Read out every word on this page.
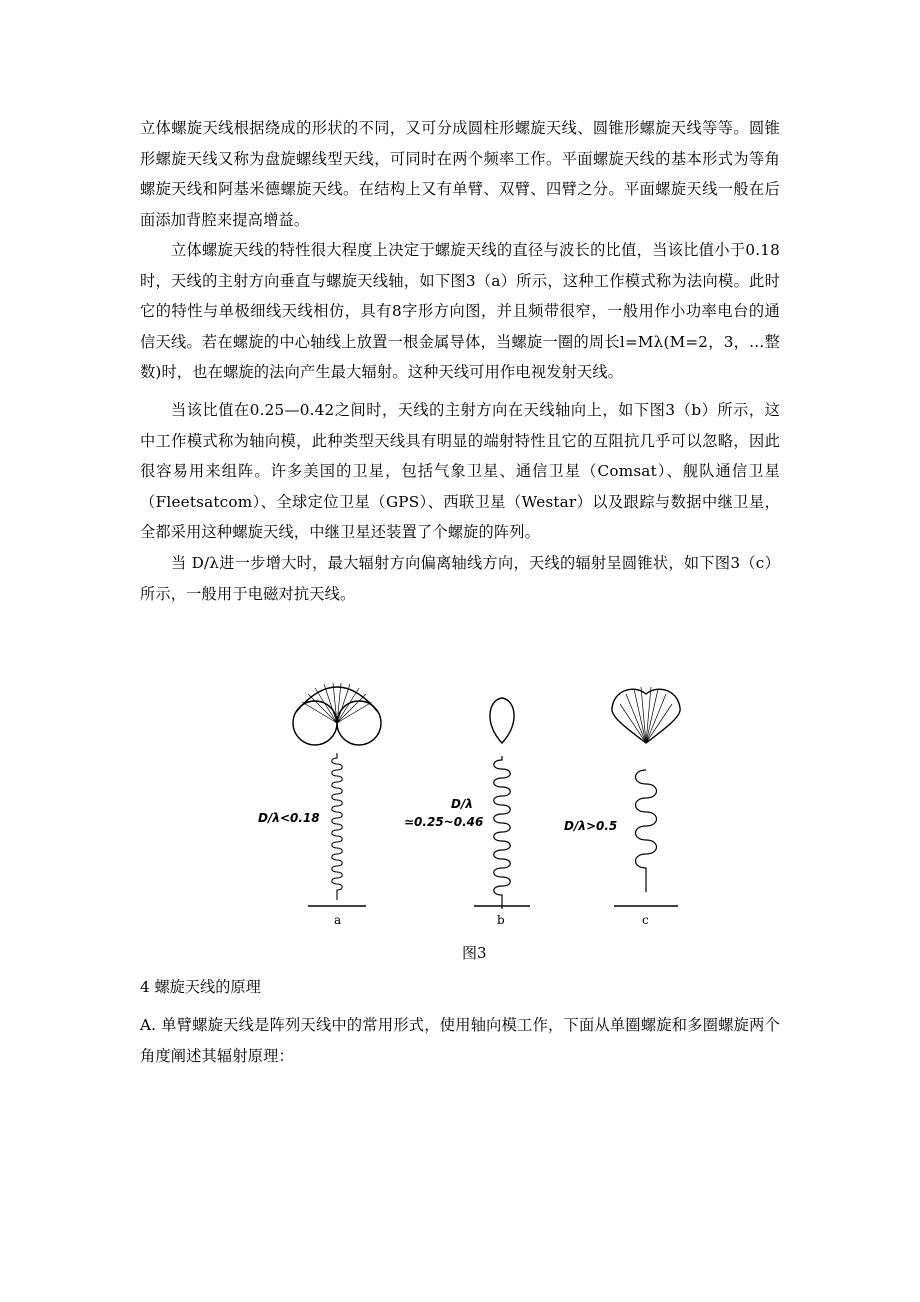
立体螺旋天线根据绕成的形状的不同，又可分成圆柱形螺旋天线、圆锥形螺旋天线等等。圆锥形螺旋天线又称为盘旋螺线型天线，可同时在两个频率工作。平面螺旋天线的基本形式为等角螺旋天线和阿基米德螺旋天线。在结构上又有单臂、双臂、四臂之分。平面螺旋天线一般在后面添加背腔来提高增益。

立体螺旋天线的特性很大程度上决定于螺旋天线的直径与波长的比值，当该比值小于0.18时，天线的主射方向垂直与螺旋天线轴，如下图3（a）所示，这种工作模式称为法向模。此时它的特性与单极细线天线相仿，具有8字形方向图，并且频带很窄，一般用作小功率电台的通信天线。若在螺旋的中心轴线上放置一根金属导体，当螺旋一圈的周长l=Mλ(M=2，3，…整数)时，也在螺旋的法向产生最大辐射。这种天线可用作电视发射天线。

当该比值在0.25—0.42之间时，天线的主射方向在天线轴向上，如下图3（b）所示，这中工作模式称为轴向模，此种类型天线具有明显的端射特性且它的互阻抗几乎可以忽略，因此很容易用来组阵。许多美国的卫星，包括气象卫星、通信卫星（Comsat）、舰队通信卫星（Fleetsatcom）、全球定位卫星（GPS）、西联卫星（Westar）以及跟踪与数据中继卫星，全都采用这种螺旋天线，中继卫星还装置了个螺旋的阵列。

当 D/λ进一步增大时，最大辐射方向偏离轴线方向，天线的辐射呈圆锥状，如下图3（c）所示，一般用于电磁对抗天线。

D/λ<0.18
a
D/λ
≃0.25~0.46
b
D/λ>0.5
c
图3
4 螺旋天线的原理

A. 单臂螺旋天线是阵列天线中的常用形式，使用轴向模工作，下面从单圈螺旋和多圈螺旋两个角度阐述其辐射原理：
